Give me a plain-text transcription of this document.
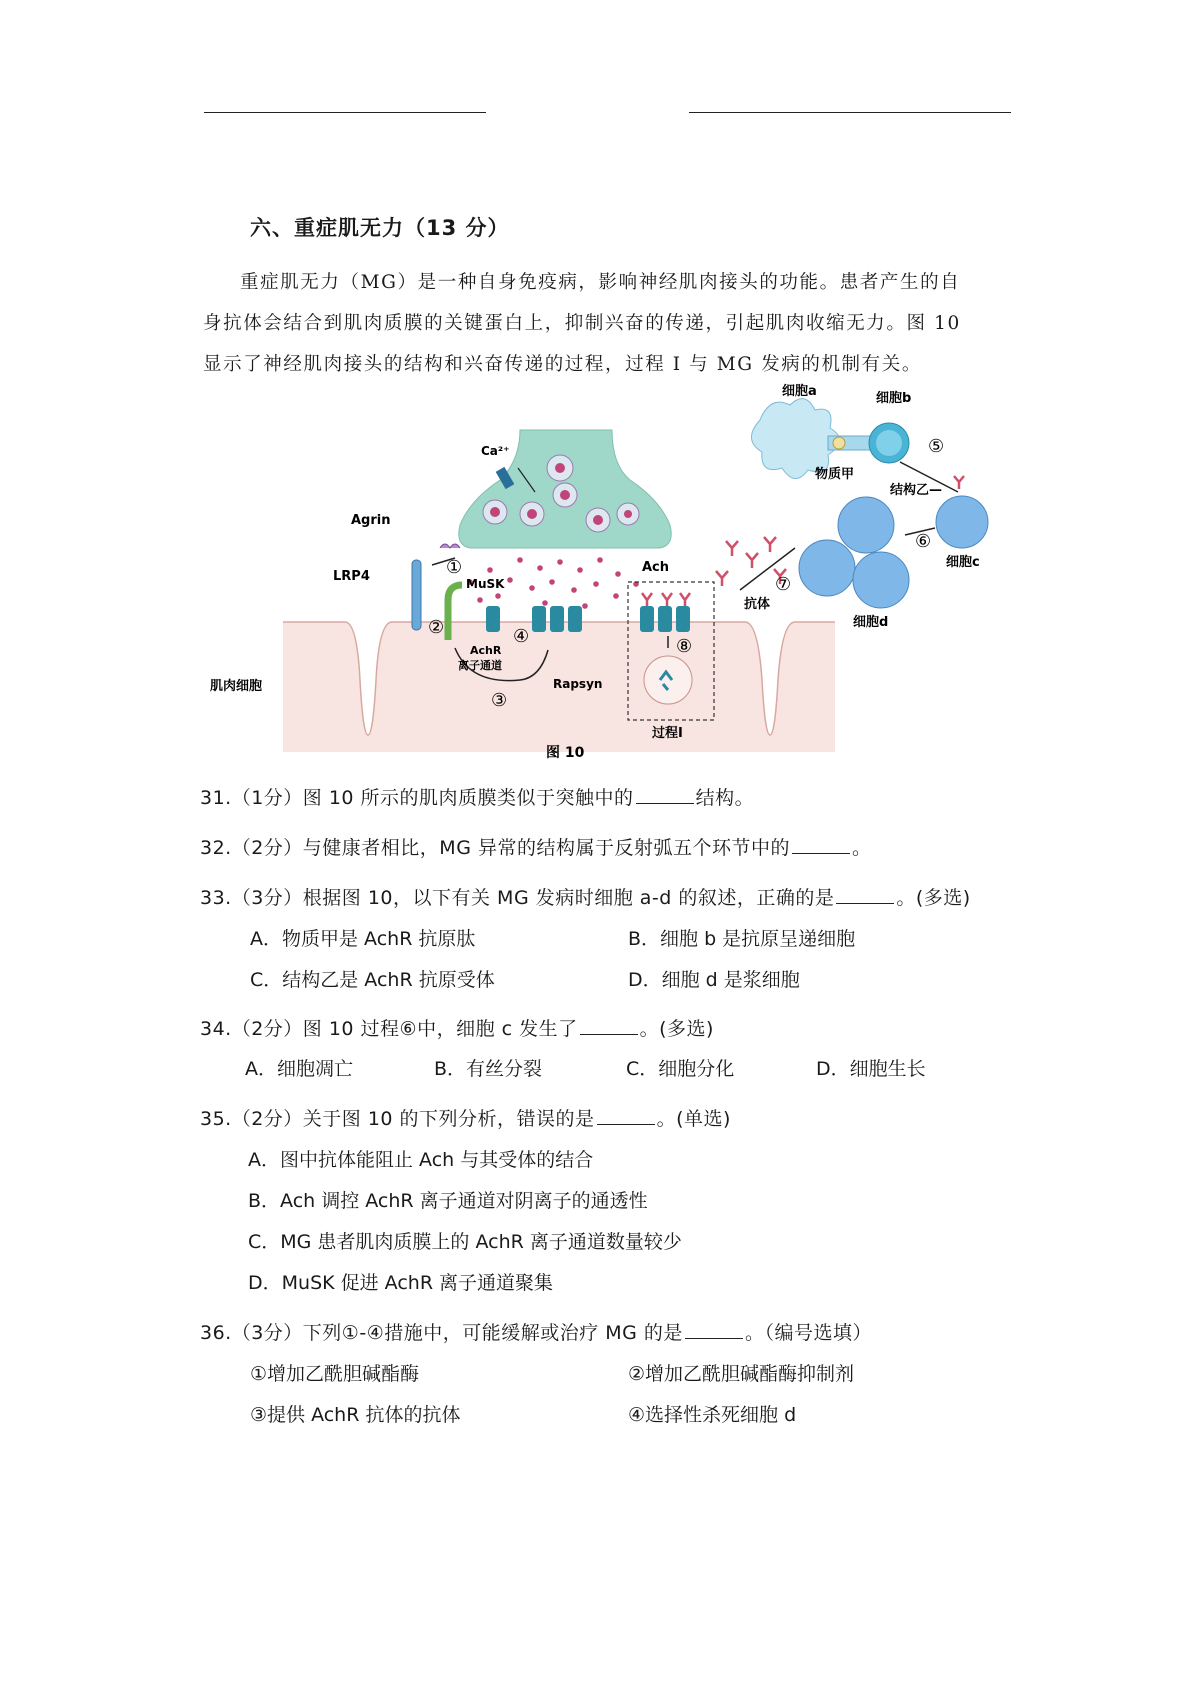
六、重症肌无力（13 分）
重症肌无力（MG）是一种自身免疫病，影响神经肌肉接头的功能。患者产生的自
身抗体会结合到肌肉质膜的关键蛋白上，抑制兴奋的传递，引起肌肉收缩无力。图 10
显示了神经肌肉接头的结构和兴奋传递的过程，过程 I 与 MG 发病的机制有关。
细胞a	细胞b
⑤
物质甲
结构乙—
⑥
细胞c
⑦
抗体
细胞d
Ca²⁺
Agrin
LRP4	①
MuSK
Ach
②	④
AchR
离子通道
Rapsyn
③
⑧
肌肉细胞
过程I
图 10
31.（1分）图 10 所示的肌肉质膜类似于突触中的	结构。
32.（2分）与健康者相比，MG 异常的结构属于反射弧五个环节中的	。
33.（3分）根据图 10，以下有关 MG 发病时细胞 a-d 的叙述，正确的是	。(多选)
A．物质甲是 AchR 抗原肽	B．细胞 b 是抗原呈递细胞
C．结构乙是 AchR 抗原受体	D．细胞 d 是浆细胞
34.（2分）图 10 过程⑥中，细胞 c 发生了	。(多选)
A．细胞凋亡	B．有丝分裂	C．细胞分化	D．细胞生长
35.（2分）关于图 10 的下列分析，错误的是	。(单选)
A．图中抗体能阻止 Ach 与其受体的结合
B．Ach 调控 AchR 离子通道对阴离子的通透性
C．MG 患者肌肉质膜上的 AchR 离子通道数量较少
D．MuSK 促进 AchR 离子通道聚集
36.（3分）下列①-④措施中，可能缓解或治疗 MG 的是	。（编号选填）
①增加乙酰胆碱酯酶	②增加乙酰胆碱酯酶抑制剂
③提供 AchR 抗体的抗体	④选择性杀死细胞 d
